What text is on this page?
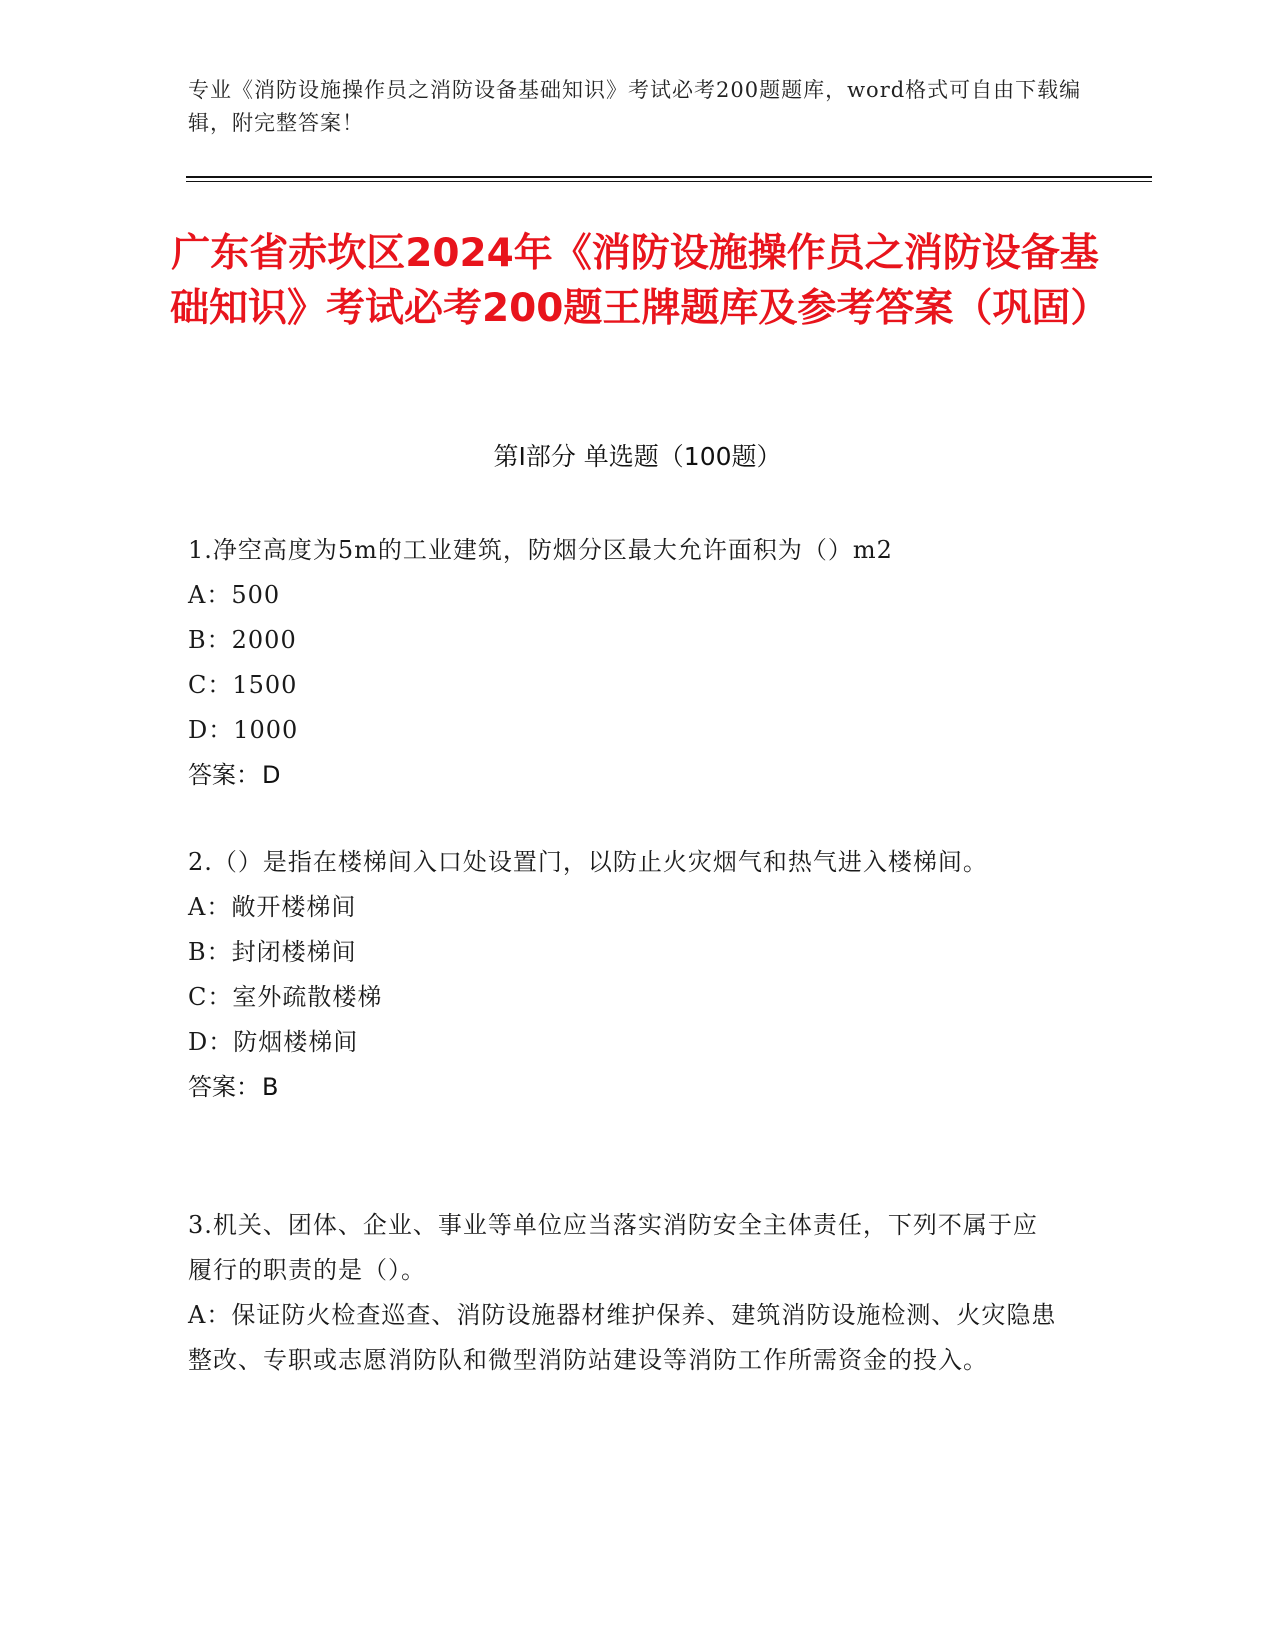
专业《消防设施操作员之消防设备基础知识》考试必考200题题库，word格式可自由下载编辑，附完整答案！
广东省赤坎区2024年《消防设施操作员之消防设备基础知识》考试必考200题王牌题库及参考答案（巩固）
第Ⅰ部分 单选题（100题）

1.净空高度为5m的工业建筑，防烟分区最大允许面积为（）m2

A：500

B：2000

C：1500

D：1000

答案：D

2.（）是指在楼梯间入口处设置门，以防止火灾烟气和热气进入楼梯间。

A：敞开楼梯间

B：封闭楼梯间

C：室外疏散楼梯

D：防烟楼梯间

答案：B

3.机关、团体、企业、事业等单位应当落实消防安全主体责任，下列不属于应履行的职责的是（）。

A：保证防火检查巡查、消防设施器材维护保养、建筑消防设施检测、火灾隐患整改、专职或志愿消防队和微型消防站建设等消防工作所需资金的投入。
